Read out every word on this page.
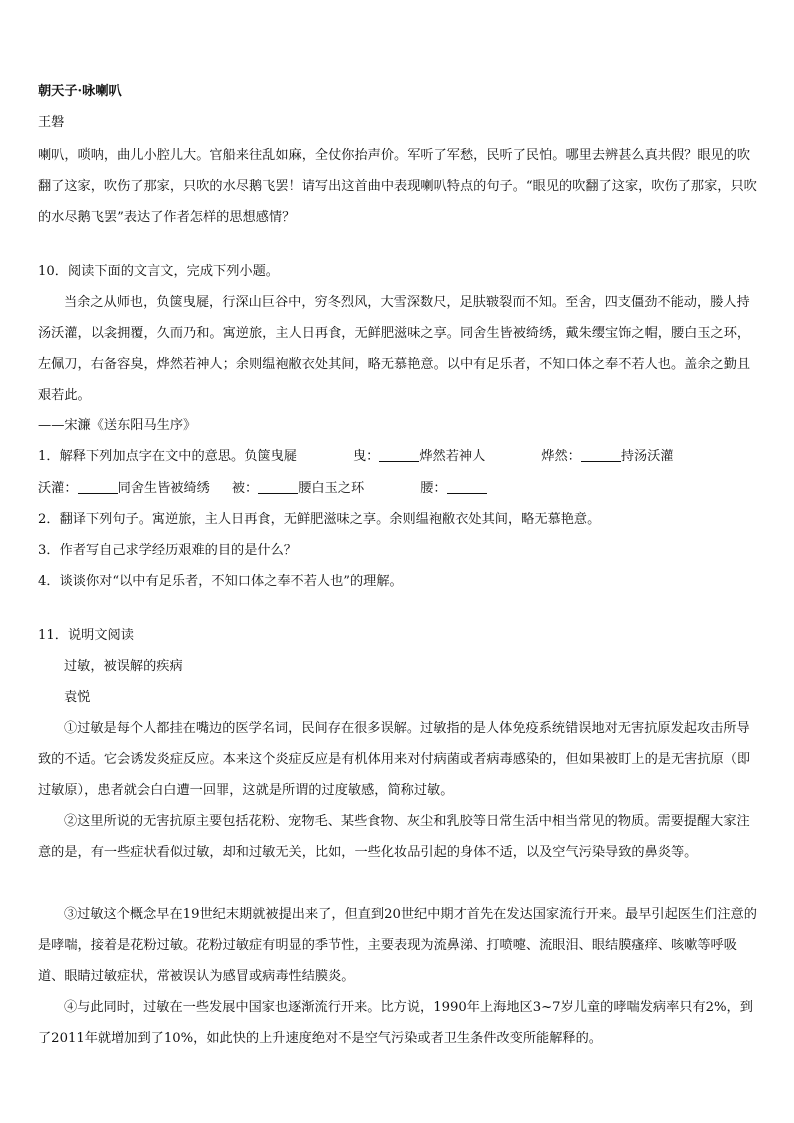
朝天子·咏喇叭

王磐

喇叭，唢呐，曲儿小腔儿大。官船来往乱如麻，全仗你抬声价。军听了军愁，民听了民怕。哪里去辨甚么真共假？眼见的吹翻了这家，吹伤了那家，只吹的水尽鹅飞罢！请写出这首曲中表现喇叭特点的句子。“眼见的吹翻了这家，吹伤了那家，只吹的水尽鹅飞罢”表达了作者怎样的思想感情？

10．阅读下面的文言文，完成下列小题。

当余之从师也，负箧曳屣，行深山巨谷中，穷冬烈风，大雪深数尺，足肤皲裂而不知。至舍，四支僵劲不能动，媵人持汤沃灌，以衾拥覆，久而乃和。寓逆旅，主人日再食，无鲜肥滋味之享。同舍生皆被绮绣，戴朱缨宝饰之帽，腰白玉之环，左佩刀，右备容臭，烨然若神人；余则缊袍敝衣处其间，略无慕艳意。以中有足乐者，不知口体之奉不若人也。盖余之勤且艰若此。

——宋濂《送东阳马生序》

1．解释下列加点字在文中的意思。负箧曳屣	曳：	烨然若神人	烨然：	持汤沃灌

沃灌：	同舍生皆被绮绣 被：	腰白玉之环	腰：

2．翻译下列句子。寓逆旅，主人日再食，无鲜肥滋味之享。余则缊袍敝衣处其间，略无慕艳意。

3．作者写自己求学经历艰难的目的是什么？

4．谈谈你对“以中有足乐者，不知口体之奉不若人也”的理解。

11．说明文阅读

过敏，被误解的疾病

袁悦

①过敏是每个人都挂在嘴边的医学名词，民间存在很多误解。过敏指的是人体免疫系统错误地对无害抗原发起攻击所导致的不适。它会诱发炎症反应。本来这个炎症反应是有机体用来对付病菌或者病毒感染的，但如果被盯上的是无害抗原（即过敏原），患者就会白白遭一回罪，这就是所谓的过度敏感，简称过敏。

②这里所说的无害抗原主要包括花粉、宠物毛、某些食物、灰尘和乳胶等日常生活中相当常见的物质。需要提醒大家注意的是，有一些症状看似过敏，却和过敏无关，比如，一些化妆品引起的身体不适，以及空气污染导致的鼻炎等。

③过敏这个概念早在19世纪末期就被提出来了，但直到20世纪中期才首先在发达国家流行开来。最早引起医生们注意的是哮喘，接着是花粉过敏。花粉过敏症有明显的季节性，主要表现为流鼻涕、打喷嚏、流眼泪、眼结膜瘙痒、咳嗽等呼吸道、眼睛过敏症状，常被误认为感冒或病毒性结膜炎。

④与此同时，过敏在一些发展中国家也逐渐流行开来。比方说，1990年上海地区3~7岁儿童的哮喘发病率只有2%，到了2011年就增加到了10%，如此快的上升速度绝对不是空气污染或者卫生条件改变所能解释的。
